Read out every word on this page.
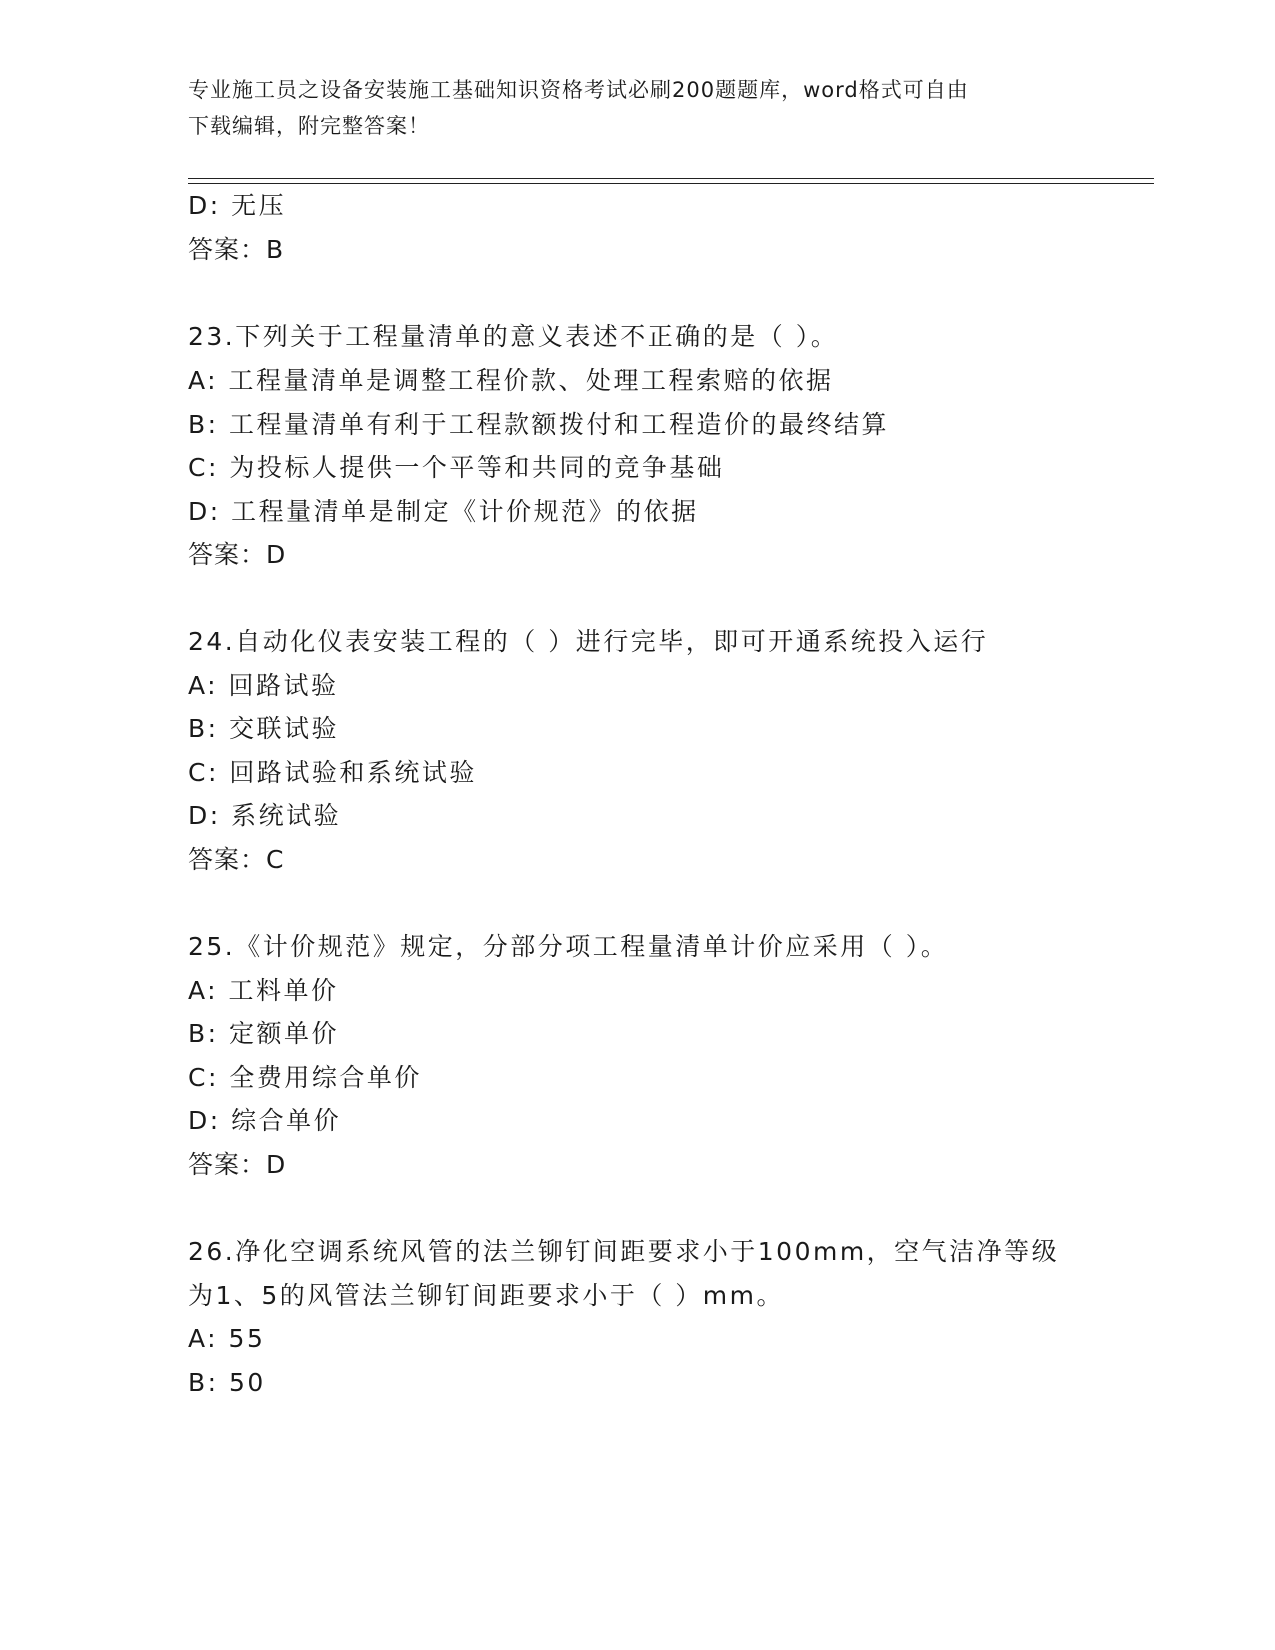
专业施工员之设备安装施工基础知识资格考试必刷200题题库，word格式可自由
下载编辑，附完整答案！
D: 无压
答案：B
23.下列关于工程量清单的意义表述不正确的是（ ）。
A: 工程量清单是调整工程价款、处理工程索赔的依据
B: 工程量清单有利于工程款额拨付和工程造价的最终结算
C: 为投标人提供一个平等和共同的竞争基础
D: 工程量清单是制定《计价规范》的依据
答案：D
24.自动化仪表安装工程的（ ）进行完毕，即可开通系统投入运行
A: 回路试验
B: 交联试验
C: 回路试验和系统试验
D: 系统试验
答案：C
25.《计价规范》规定，分部分项工程量清单计价应采用（ ）。
A: 工料单价
B: 定额单价
C: 全费用综合单价
D: 综合单价
答案：D
26.净化空调系统风管的法兰铆钉间距要求小于100mm，空气洁净等级
为1、5的风管法兰铆钉间距要求小于（ ）mm。
A: 55
B: 50
